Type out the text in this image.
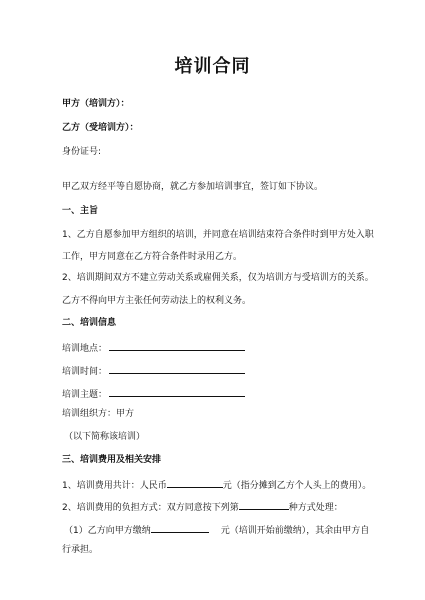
培训合同
甲方（培训方）：
乙方（受培训方）：
身份证号:
甲乙双方经平等自愿协商，就乙方参加培训事宜，签订如下协议。
一、主旨
1、乙方自愿参加甲方组织的培训，并同意在培训结束符合条件时到甲方处入职
工作，甲方同意在乙方符合条件时录用乙方。
2、培训期间双方不建立劳动关系或雇佣关系，仅为培训方与受培训方的关系。
乙方不得向甲方主张任何劳动法上的权利义务。
二、培训信息
培训地点：
培训时间：
培训主题：
培训组织方：甲方
（以下简称该培训）
三、培训费用及相关安排
1、培训费用共计：人民币	元（指分摊到乙方个人头上的费用）。
2、培训费用的负担方式：双方同意按下列第	种方式处理：
（1）乙方向甲方缴纳	元（培训开始前缴纳），其余由甲方自
行承担。
